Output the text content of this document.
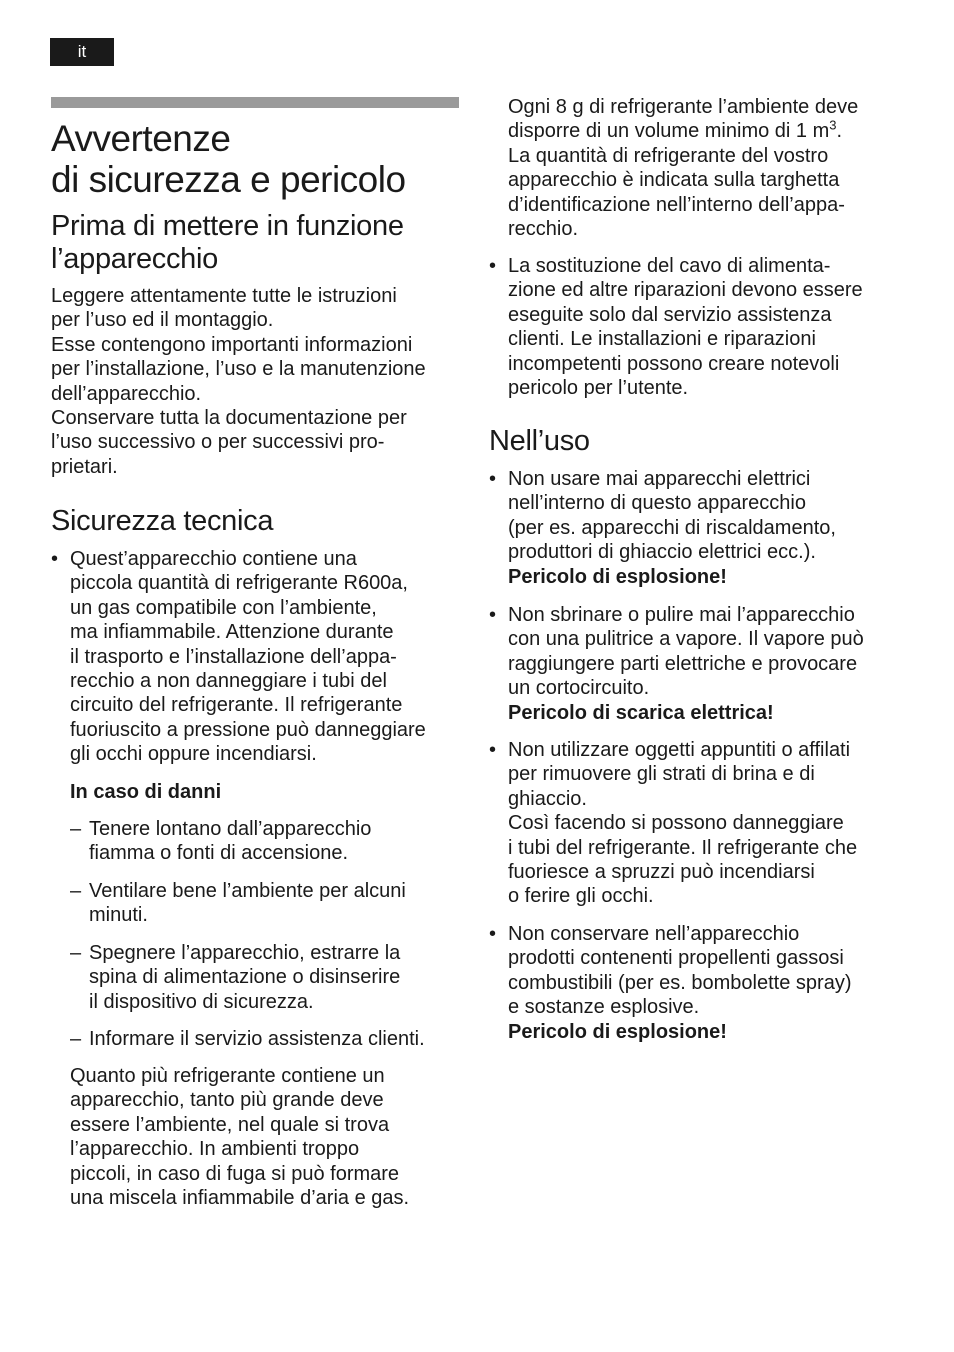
it
Avvertenze
di sicurezza e pericolo
Prima di mettere in funzione
l’apparecchio
Leggere attentamente tutte le istruzioni
per l’uso ed il montaggio.
Esse contengono importanti informazioni
per l’installazione, l’uso e la manutenzione
dell’apparecchio.
Conservare tutta la documentazione per
l’uso successivo o per successivi pro-
prietari.
Sicurezza tecnica
• Quest’apparecchio contiene una
piccola quantità di refrigerante R600a,
un gas compatibile con l’ambiente,
ma infiammabile. Attenzione durante
il trasporto e l’installazione dell’appa-
recchio a non danneggiare i tubi del
circuito del refrigerante. Il refrigerante
fuoriuscito a pressione può danneggiare
gli occhi oppure incendiarsi.
In caso di danni
– Tenere lontano dall’apparecchio
fiamma o fonti di accensione.
– Ventilare bene l’ambiente per alcuni
minuti.
– Spegnere l’apparecchio, estrarre la
spina di alimentazione o disinserire
il dispositivo di sicurezza.
– Informare il servizio assistenza clienti.
Quanto più refrigerante contiene un
apparecchio, tanto più grande deve
essere l’ambiente, nel quale si trova
l’apparecchio. In ambienti troppo
piccoli, in caso di fuga si può formare
una miscela infiammabile d’aria e gas.
Ogni 8 g di refrigerante l’ambiente deve
disporre di un volume minimo di 1 $m^3$.
La quantità di refrigerante del vostro
apparecchio è indicata sulla targhetta
d’identificazione nell’interno dell’appa-
recchio.
• La sostituzione del cavo di alimenta-
zione ed altre riparazioni devono essere
eseguite solo dal servizio assistenza
clienti. Le installazioni e riparazioni
incompetenti possono creare notevoli
pericolo per l’utente.
Nell’uso
• Non usare mai apparecchi elettrici
nell’interno di questo apparecchio
(per es. apparecchi di riscaldamento,
produttori di ghiaccio elettrici ecc.).
Pericolo di esplosione!
• Non sbrinare o pulire mai l’apparecchio
con una pulitrice a vapore. Il vapore può
raggiungere parti elettriche e provocare
un cortocircuito.
Pericolo di scarica elettrica!
• Non utilizzare oggetti appuntiti o affilati
per rimuovere gli strati di brina e di
ghiaccio.
Così facendo si possono danneggiare
i tubi del refrigerante. Il refrigerante che
fuoriesce a spruzzi può incendiarsi
o ferire gli occhi.
• Non conservare nell’apparecchio
prodotti contenenti propellenti gassosi
combustibili (per es. bombolette spray)
e sostanze esplosive.
Pericolo di esplosione!
